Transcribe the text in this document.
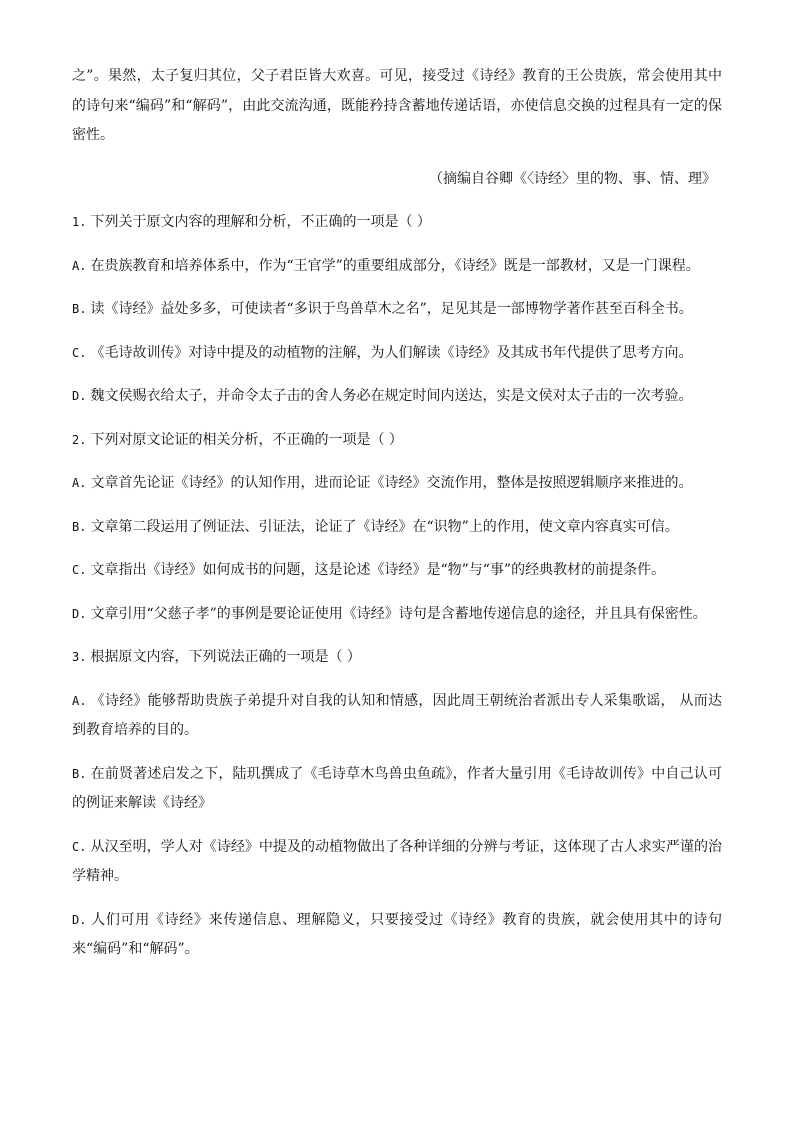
之”。果然，太子复归其位，父子君臣皆大欢喜。可见，接受过《诗经》教育的王公贵族，常会使用其中的诗句来“编码”和“解码”，由此交流沟通，既能矜持含蓄地传递话语，亦使信息交换的过程具有一定的保密性。

（摘编自谷卿《〈诗经〉里的物、事、情、理》

1. 下列关于原文内容的理解和分析，不正确的一项是（ ）

A. 在贵族教育和培养体系中，作为“王官学”的重要组成部分，《诗经》既是一部教材，又是一门课程。

B. 读《诗经》益处多多，可使读者“多识于鸟兽草木之名”，足见其是一部博物学著作甚至百科全书。

C. 《毛诗故训传》对诗中提及的动植物的注解，为人们解读《诗经》及其成书年代提供了思考方向。

D. 魏文侯赐衣给太子，并命令太子击的舍人务必在规定时间内送达，实是文侯对太子击的一次考验。

2. 下列对原文论证的相关分析，不正确的一项是（ ）

A. 文章首先论证《诗经》的认知作用，进而论证《诗经》交流作用，整体是按照逻辑顺序来推进的。

B. 文章第二段运用了例证法、引证法，论证了《诗经》在“识物”上的作用，使文章内容真实可信。

C. 文章指出《诗经》如何成书的问题，这是论述《诗经》是“物”与“事”的经典教材的前提条件。

D. 文章引用“父慈子孝”的事例是要论证使用《诗经》诗句是含蓄地传递信息的途径，并且具有保密性。

3. 根据原文内容，下列说法正确的一项是（ ）

A. 《诗经》能够帮助贵族子弟提升对自我的认知和情感，因此周王朝统治者派出专人采集歌谣， 从而达到教育培养的目的。

B. 在前贤著述启发之下，陆玑撰成了《毛诗草木鸟兽虫鱼疏》，作者大量引用《毛诗故训传》中自己认可的例证来解读《诗经》

C. 从汉至明，学人对《诗经》中提及的动植物做出了各种详细的分辨与考证，这体现了古人求实严谨的治学精神。

D. 人们可用《诗经》来传递信息、理解隐义，只要接受过《诗经》教育的贵族，就会使用其中的诗句来“编码”和“解码”。
